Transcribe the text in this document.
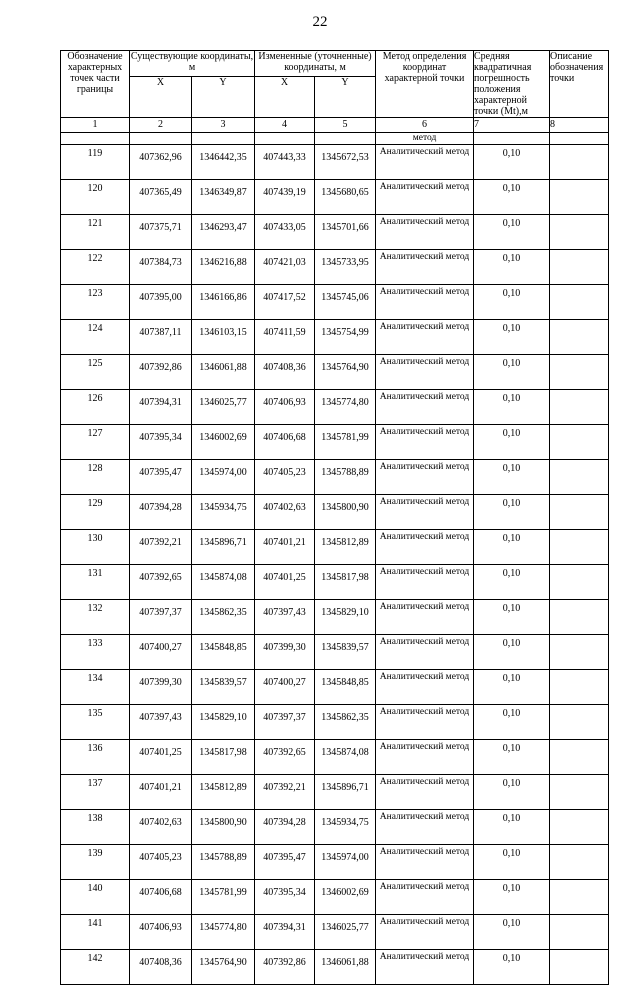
22
Обозначение характерных точек части границы	Существующие координаты, м		Измененные (уточненные) координаты, м		Метод определения координат характерной точки	Средняя квадратичная погрешность положения характерной точки (Mt),м	Описание обозначения точки
	X	Y	X	Y			
1	2	3	4	5	6	7	8
					метод		
119	407362,96	1346442,35	407443,33	1345672,53	Аналитический метод	0,10	
120	407365,49	1346349,87	407439,19	1345680,65	Аналитический метод	0,10	
121	407375,71	1346293,47	407433,05	1345701,66	Аналитический метод	0,10	
122	407384,73	1346216,88	407421,03	1345733,95	Аналитический метод	0,10	
123	407395,00	1346166,86	407417,52	1345745,06	Аналитический метод	0,10	
124	407387,11	1346103,15	407411,59	1345754,99	Аналитический метод	0,10	
125	407392,86	1346061,88	407408,36	1345764,90	Аналитический метод	0,10	
126	407394,31	1346025,77	407406,93	1345774,80	Аналитический метод	0,10	
127	407395,34	1346002,69	407406,68	1345781,99	Аналитический метод	0,10	
128	407395,47	1345974,00	407405,23	1345788,89	Аналитический метод	0,10	
129	407394,28	1345934,75	407402,63	1345800,90	Аналитический метод	0,10	
130	407392,21	1345896,71	407401,21	1345812,89	Аналитический метод	0,10	
131	407392,65	1345874,08	407401,25	1345817,98	Аналитический метод	0,10	
132	407397,37	1345862,35	407397,43	1345829,10	Аналитический метод	0,10	
133	407400,27	1345848,85	407399,30	1345839,57	Аналитический метод	0,10	
134	407399,30	1345839,57	407400,27	1345848,85	Аналитический метод	0,10	
135	407397,43	1345829,10	407397,37	1345862,35	Аналитический метод	0,10	
136	407401,25	1345817,98	407392,65	1345874,08	Аналитический метод	0,10	
137	407401,21	1345812,89	407392,21	1345896,71	Аналитический метод	0,10	
138	407402,63	1345800,90	407394,28	1345934,75	Аналитический метод	0,10	
139	407405,23	1345788,89	407395,47	1345974,00	Аналитический метод	0,10	
140	407406,68	1345781,99	407395,34	1346002,69	Аналитический метод	0,10	
141	407406,93	1345774,80	407394,31	1346025,77	Аналитический метод	0,10	
142	407408,36	1345764,90	407392,86	1346061,88	Аналитический метод	0,10	
